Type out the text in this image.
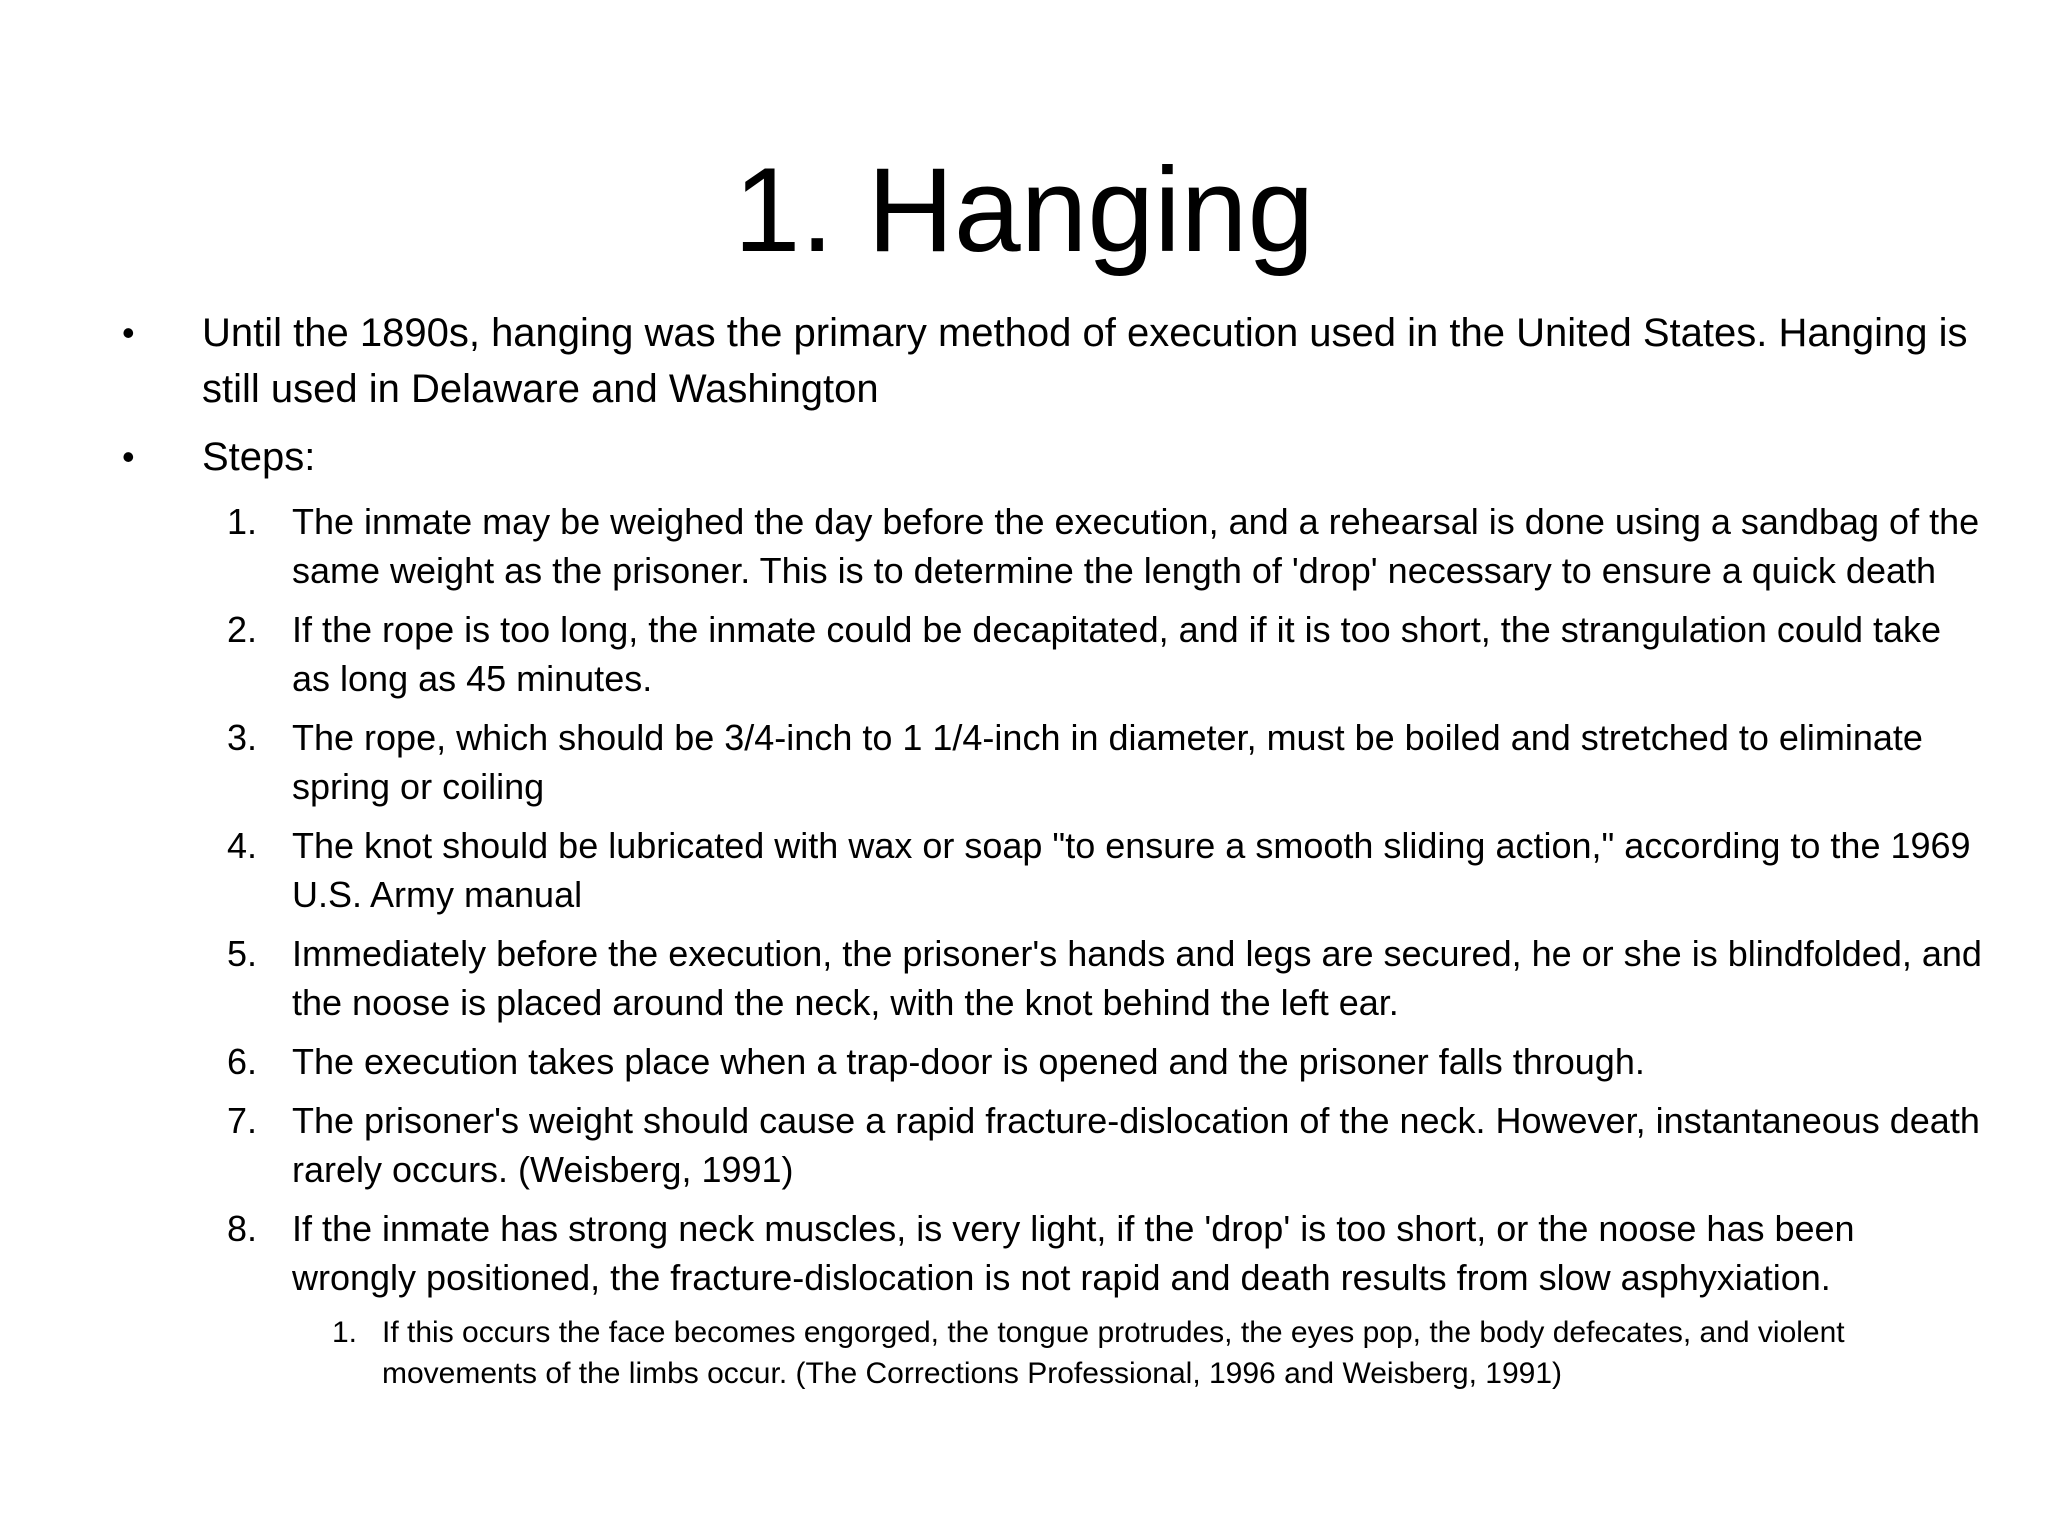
1. Hanging
•	Until the 1890s, hanging was the primary method of execution used in the United States. Hanging is still used in Delaware and Washington
•	Steps:
1. The inmate may be weighed the day before the execution, and a rehearsal is done using a sandbag of the same weight as the prisoner. This is to determine the length of 'drop' necessary to ensure a quick death
2. If the rope is too long, the inmate could be decapitated, and if it is too short, the strangulation could take as long as 45 minutes.
3. The rope, which should be 3/4-inch to 1 1/4-inch in diameter, must be boiled and stretched to eliminate spring or coiling
4. The knot should be lubricated with wax or soap "to ensure a smooth sliding action," according to the 1969 U.S. Army manual
5. Immediately before the execution, the prisoner's hands and legs are secured, he or she is blindfolded, and the noose is placed around the neck, with the knot behind the left ear.
6. The execution takes place when a trap-door is opened and the prisoner falls through.
7. The prisoner's weight should cause a rapid fracture-dislocation of the neck. However, instantaneous death rarely occurs. (Weisberg, 1991)
8. If the inmate has strong neck muscles, is very light, if the 'drop' is too short, or the noose has been wrongly positioned, the fracture-dislocation is not rapid and death results from slow asphyxiation.
1. If this occurs the face becomes engorged, the tongue protrudes, the eyes pop, the body defecates, and violent movements of the limbs occur. (The Corrections Professional, 1996 and Weisberg, 1991)
